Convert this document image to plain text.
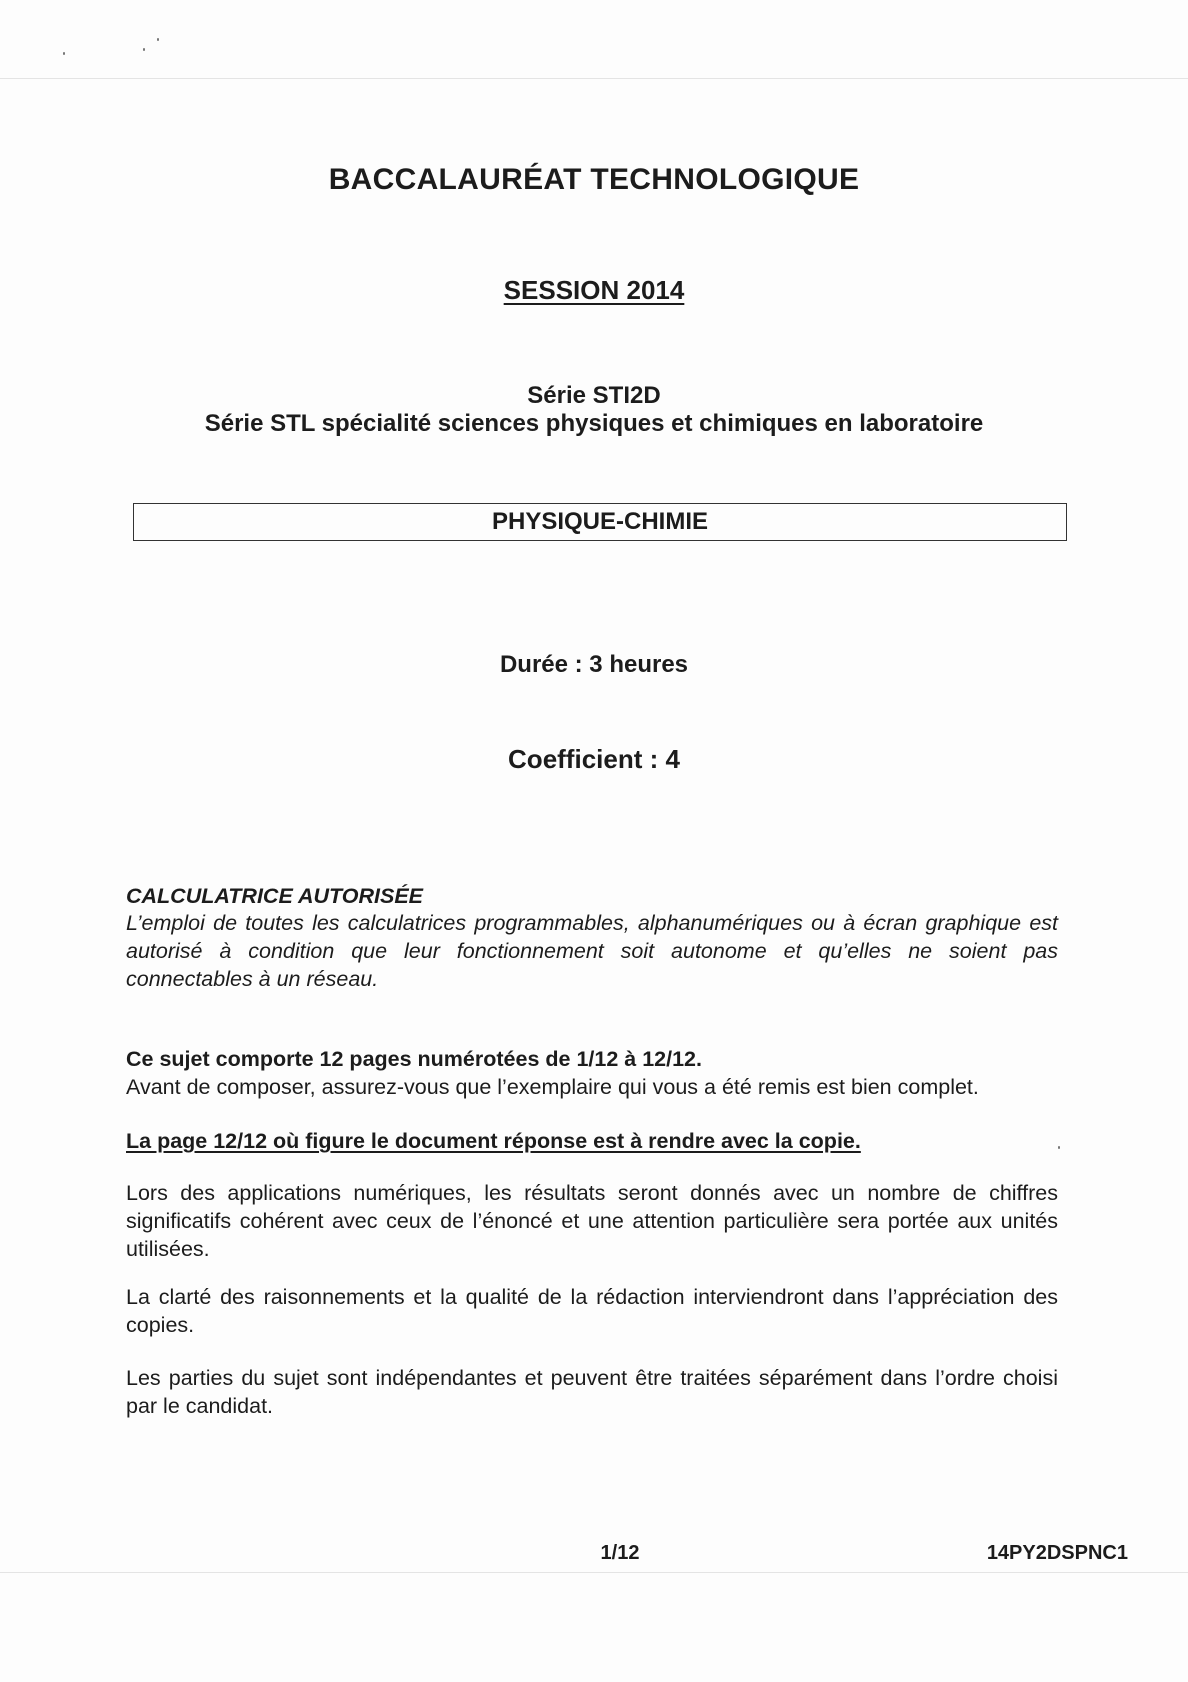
BACCALAURÉAT TECHNOLOGIQUE
SESSION 2014
Série STI2D
Série STL spécialité sciences physiques et chimiques en laboratoire
PHYSIQUE-CHIMIE
Durée : 3 heures
Coefficient : 4
CALCULATRICE AUTORISÉE
L’emploi de toutes les calculatrices programmables, alphanumériques ou à écran graphique est autorisé à condition que leur fonctionnement soit autonome et qu’elles ne soient pas connectables à un réseau.
Ce sujet comporte 12 pages numérotées de 1/12 à 12/12.
Avant de composer, assurez-vous que l’exemplaire qui vous a été remis est bien complet.
La page 12/12 où figure le document réponse est à rendre avec la copie.
Lors des applications numériques, les résultats seront donnés avec un nombre de chiffres significatifs cohérent avec ceux de l’énoncé et une attention particulière sera portée aux unités utilisées.
La clarté des raisonnements et la qualité de la rédaction interviendront dans l’appréciation des copies.
Les parties du sujet sont indépendantes et peuvent être traitées séparément dans l’ordre choisi par le candidat.
1/12	14PY2DSPNC1
